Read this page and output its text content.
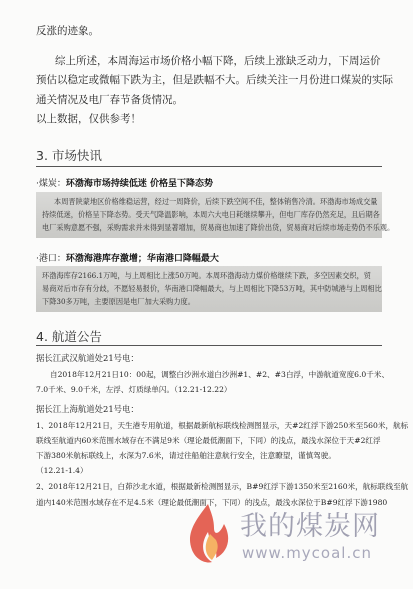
反涨的迹象。
综上所述，本周海运市场价格小幅下降，后续上涨缺乏动力，下周运价
预估以稳定或微幅下跌为主，但是跌幅不大。后续关注一月份进口煤炭的实际
通关情况及电厂春节备货情况。
以上数据，仅供参考！
3. 市场快讯
·煤炭：环渤海市场持续低迷 价格呈下降态势
本周晋陕蒙地区价格维稳运营，经过一周降价，后续下跌空间不佳，整体销售冷清。环渤海市场成交量
持续低迷，价格呈下降态势。受天气降温影响，本周六大电日耗继续攀升，但电厂库存仍然充足，且后期各
电厂采购意愿不强，采购需求并未得到显著增加，贸易商也加速了降价出货，贸易商对后续市场走势仍不乐观。
·港口：环渤海港库存激增；华南港口降幅最大
环渤海库存2166.1万吨，与上周相比上涨50万吨。本周环渤海动力煤价格继续下跌，多空因素交织，贸
易商对后市存有分歧，不愿轻易报价，华南港口降幅最大，与上周相比下降53万吨，其中防城港与上周相比
下降30多万吨，主要原因是电厂加大采购力度。
4. 航道公告
据长江武汉航道处21号电：
自2018年12月21日10：00起，调整白沙洲水道白沙洲#1、#2、#3白浮，中游航道宽度6.0千米、
7.0千米、9.0千米，左浮、灯质绿单闪。（12.21-12.22）
据长江上海航道处21号电：
1、2018年12月21日，天生港专用航道，根据最新航标联线检测图显示，天#2红浮下游250米至560米，航标
联线至航道内60米范围水域存在不满足9米（理论最低潮面下，下同）的浅点，最浅水深位于天#2红浮
下游380米航标联线上，水深为7.6米，请过往船舶注意航行安全，注意瞭望，谨慎驾驶。
（12.21-1.4）
2、2018年12月21日，白茆沙北水道，根据最新检测图显示，B#9红浮下游1350米至2160米，航标联线至航
道内140米范围水域存在不足4.5米（理论最低潮面下，下同）的浅点，最浅水深位于B#9红浮下游1980
我的煤炭网
www.mycoal.cn
